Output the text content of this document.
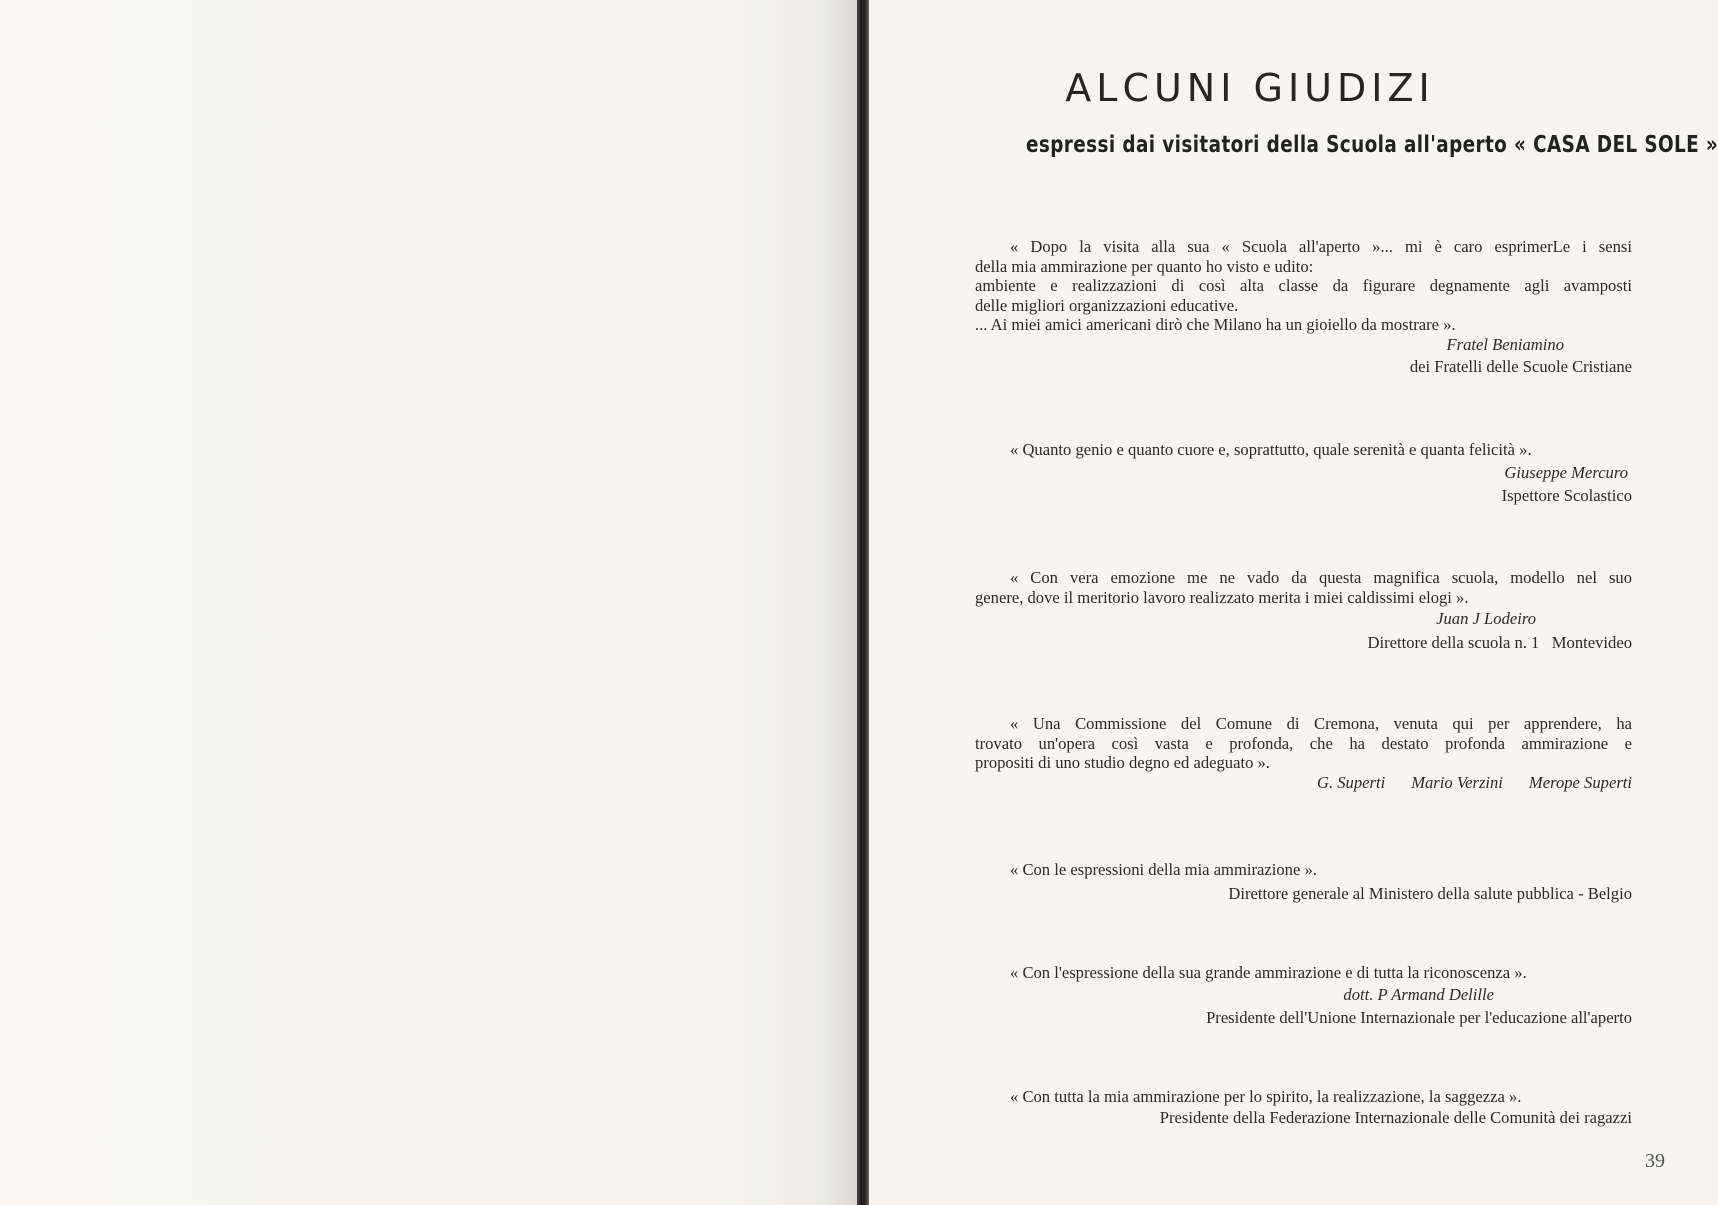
ALCUNI GIUDIZI
espressi dai visitatori della Scuola all'aperto « CASA DEL SOLE »
« Dopo la visita alla sua « Scuola all'aperto »... mi è caro esprimerLe i sensi
della mia ammirazione per quanto ho visto e udito:
ambiente e realizzazioni di così alta classe da figurare degnamente agli avamposti
delle migliori organizzazioni educative.
... Ai miei amici americani dirò che Milano ha un gioiello da mostrare ».
Fratel Beniamino
dei Fratelli delle Scuole Cristiane
« Quanto genio e quanto cuore e, soprattutto, quale serenità e quanta felicità ».
Giuseppe Mercuro
Ispettore Scolastico
« Con vera emozione me ne vado da questa magnifica scuola, modello nel suo
genere, dove il meritorio lavoro realizzato merita i miei caldissimi elogi ».
Juan J Lodeiro
Direttore della scuola n. 1   Montevideo
« Una Commissione del Comune di Cremona, venuta qui per apprendere, ha
trovato un'opera così vasta e profonda, che ha destato profonda ammirazione e
propositi di uno studio degno ed adeguato ».
G. Superti Mario Verzini Merope Superti
« Con le espressioni della mia ammirazione ».
Direttore generale al Ministero della salute pubblica - Belgio
« Con l'espressione della sua grande ammirazione e di tutta la riconoscenza ».
dott. P Armand Delille
Presidente dell'Unione Internazionale per l'educazione all'aperto
« Con tutta la mia ammirazione per lo spirito, la realizzazione, la saggezza ».
Presidente della Federazione Internazionale delle Comunità dei ragazzi
39
